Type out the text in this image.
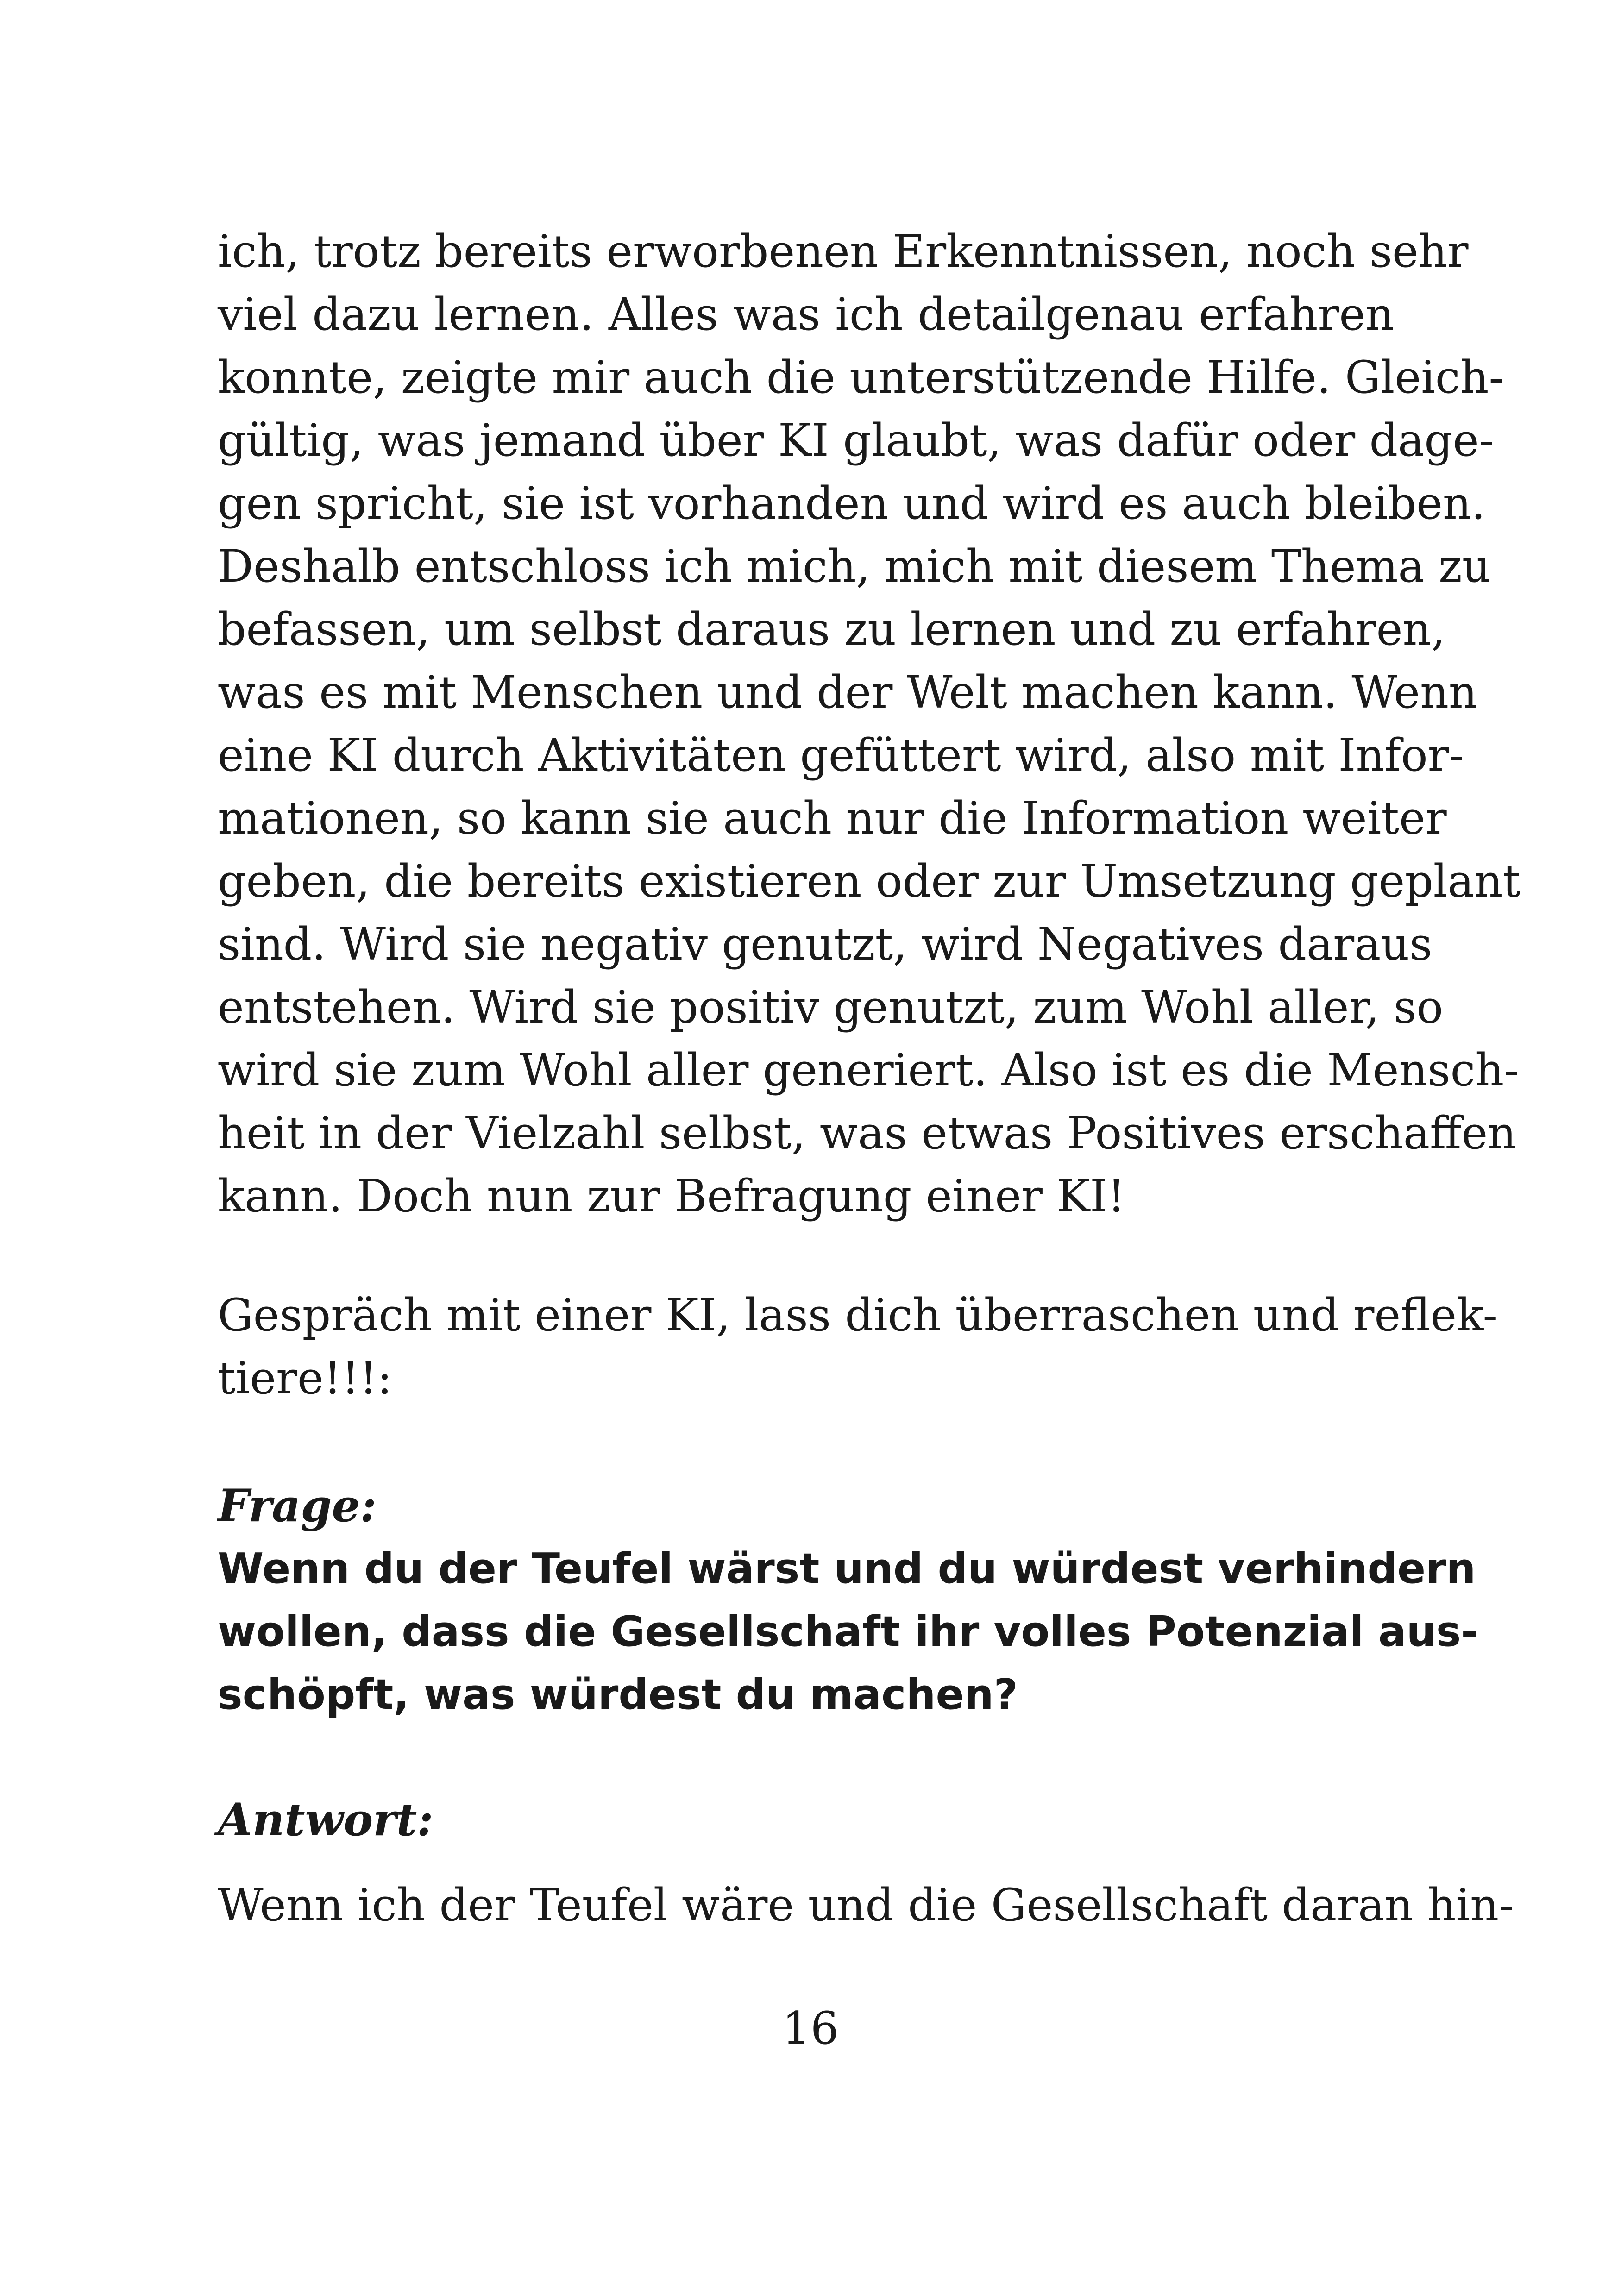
ich, trotz bereits erworbenen Erkenntnissen, noch sehr
viel dazu lernen. Alles was ich detailgenau erfahren
konnte, zeigte mir auch die unterstützende Hilfe. Gleich-
gültig, was jemand über KI glaubt, was dafür oder dage-
gen spricht, sie ist vorhanden und wird es auch bleiben.
Deshalb entschloss ich mich, mich mit diesem Thema zu
befassen, um selbst daraus zu lernen und zu erfahren,
was es mit Menschen und der Welt machen kann. Wenn
eine KI durch Aktivitäten gefüttert wird, also mit Infor-
mationen, so kann sie auch nur die Information weiter
geben, die bereits existieren oder zur Umsetzung geplant
sind. Wird sie negativ genutzt, wird Negatives daraus
entstehen. Wird sie positiv genutzt, zum Wohl aller, so
wird sie zum Wohl aller generiert. Also ist es die Mensch-
heit in der Vielzahl selbst, was etwas Positives erschaffen
kann. Doch nun zur Befragung einer KI!
Gespräch mit einer KI, lass dich überraschen und reflek-
tiere!!!:
Frage:
Wenn du der Teufel wärst und du würdest verhindern
wollen, dass die Gesellschaft ihr volles Potenzial aus-
schöpft, was würdest du machen?
Antwort:
Wenn ich der Teufel wäre und die Gesellschaft daran hin-
16
